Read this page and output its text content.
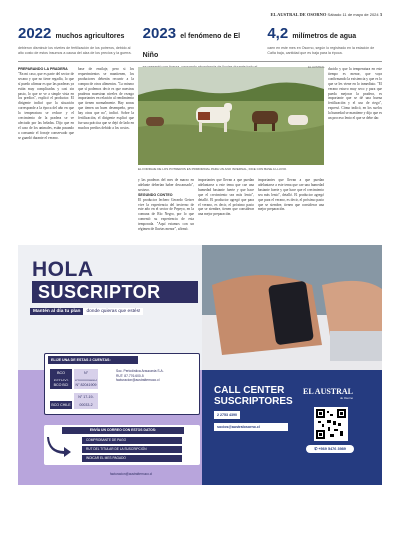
EL AUSTRAL DE OSORNO Sábado 11 de mayo de 2024 3
2022 muchos agricultores
debieron disminuir los niveles de fertilización de los potreros, debido al alto costo de estos insumos a causa del alza de los precios y la guerra.
2023 el fenómeno de El Niño
4,2 milímetros de agua
caen en este mes en Osorno, según lo registrado en la estación de Caña baja, cantidad que es baja para la época.
PREPARANDO LA PRADERA
"En mi caso, que es parte del sector de secano y que no tiene regadío, lo que sí puedo afirmar es que las praderas ya están muy complicadas y casi sin pasto, lo que se ve a simple vista en los predios", explicó el productor. El dirigente indicó que la situación corresponde a la época del año en que la temperatura se reduce y el crecimiento de la pradera se ve afectado por las heladas. Dijo que en el caso de los animales, están pasando a consumir el forraje conservado que se guardó durante el verano.
base de ensilaje, pero si los requerimientos se mantienen, los productores deberán recurrir a la compra de otros alimentos. "Lo mismo que sí podemos decir es que nuestras praderas muestran niveles de rezago importantes en relación al rendimiento que tienen normalmente. Hay zonas que tienen un buen desempeño, pero hay otras que no", indicó. Sobre la fertilización, el dirigente explicó que fue una práctica que se dejó de lado en muchos predios debido a los costos.
EL AUSTRAL
EL FORRAJE DE LOS POTREROS ES PRIMORDIAL PARA UN ANO INVERNAL, DICE CON BASE A LLUVIO.
y las praderas del mes de marzo en adelante deberían haber descansado", sostuvo.
SEGUNDO CONTEO
El productor lechero Gerardo Geiser vive la experiencia del invierno de este año en el sector de Pepeyo, en la comuna de Río Negro, por lo que comentó su experiencia de esta temporada. "Aquí estamos con un régimen de lluvias menor", afirmó.
importantes que llevan a que puedan adelantarse a este tema que cae una humedad bastante fuerte y que hace que el crecimiento sea más lento", detalló. El productor agregó que para el verano, es decir, el próximo pasto que se siembre, tienen que considerar una mejor preparación.
importantes que llevan a que puedan adelantarse a este tema que cae una humedad bastante fuerte y que hace que el crecimiento sea más lento", detalló. El productor agregó que para el verano, es decir, el próximo pasto que se siembre, tienen que considerar una mejor preparación.
ducido y que la temperatura en este tiempo es menor, que vaya confirmando la existencia y que es lo que se les viene en lo inmediato. "El verano estuvo muy seco y para que pueda mejorar la pradera, es importante que se dé una buena fertilización y el uso de riego", expresó. Cómo indicó, en los suelos la humedad se mantiene y dijo que es un proceso lento el que se debe dar.
HOLA
SUSCRIPTOR
Mantén al día tu plan donde quieras que estés!
ELIJE UNA DE ESTAS 2 CUENTAS:
BCO	N°
BCO BCI N° 82041909
BCO CHILEN° 17-19-00033-2
Soc. Periodística Araucanía S.A.
RUT: 87.776.600-5
facturacion@australtemuco.cl
ENVÍA UN CORREO CON ESTOS DATOS:
COMPROBANTE DE PAGO
RUT DEL TITULAR DE LA SUSCRIPCIÓN
INDICAR EL MES PAGADO
facturacion@australtemuco.cl
CALL CENTER
SUSCRIPTORES
2 2753 4390
socios@australosorno.cl
EL AUSTRAL
de Osorno
✆ +569 5476 3989
